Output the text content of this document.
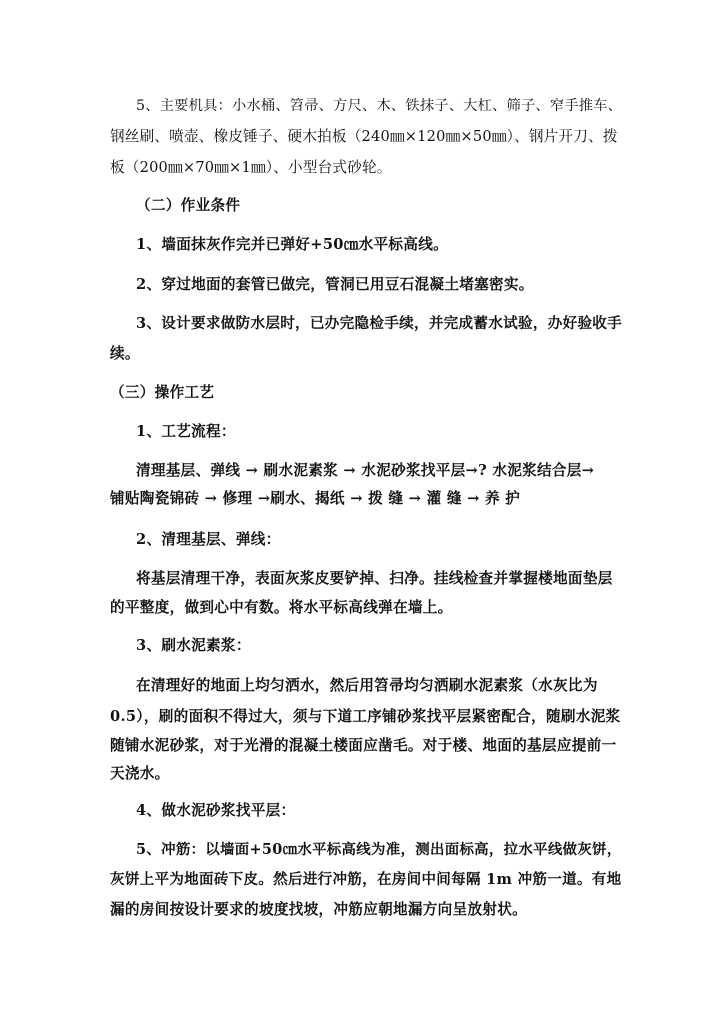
5、主要机具：小水桶、笤帚、方尺、木、铁抹子、大杠、筛子、窄手推车、
钢丝刷、喷壶、橡皮锤子、硬木拍板（240㎜×120㎜×50㎜）、钢片开刀、拨
板（200㎜×70㎜×1㎜）、小型台式砂轮。
（二）作业条件
1、墙面抹灰作完并已弹好+50㎝水平标高线。
2、穿过地面的套管已做完，管洞已用豆石混凝土堵塞密实。
3、设计要求做防水层时，已办完隐检手续，并完成蓄水试验，办好验收手
续。
（三）操作工艺
1、工艺流程：
清理基层、弹线 → 刷水泥素浆 → 水泥砂浆找平层→? 水泥浆结合层→
铺贴陶瓷锦砖 → 修理 →刷水、揭纸 → 拨 缝 → 灌 缝 → 养 护
2、清理基层、弹线：
将基层清理干净，表面灰浆皮要铲掉、扫净。挂线检查并掌握楼地面垫层
的平整度，做到心中有数。将水平标高线弹在墙上。
3、刷水泥素浆：
在清理好的地面上均匀洒水，然后用笤帚均匀洒刷水泥素浆（水灰比为
0.5），刷的面积不得过大，须与下道工序铺砂浆找平层紧密配合，随刷水泥浆
随铺水泥砂浆，对于光滑的混凝土楼面应凿毛。对于楼、地面的基层应提前一
天浇水。
4、做水泥砂浆找平层：
5、冲筋：以墙面+50㎝水平标高线为准，测出面标高，拉水平线做灰饼，
灰饼上平为地面砖下皮。然后进行冲筋，在房间中间每隔 1m 冲筋一道。有地
漏的房间按设计要求的坡度找坡，冲筋应朝地漏方向呈放射状。
